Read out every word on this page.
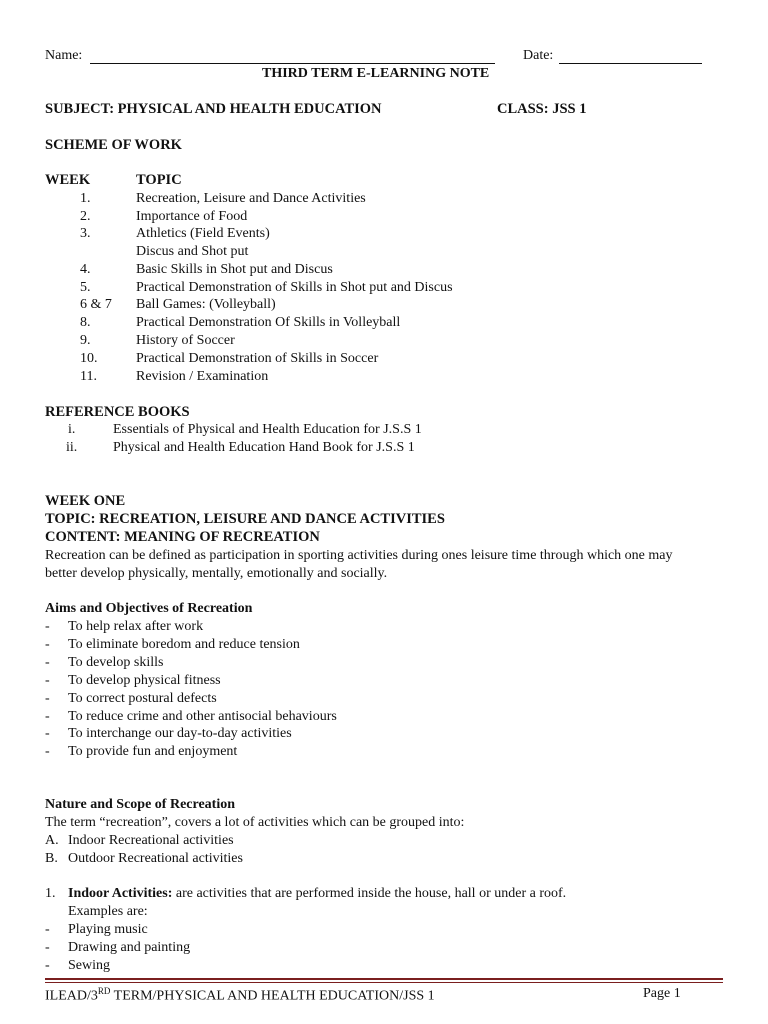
Name:	Date:
THIRD TERM E-LEARNING NOTE
SUBJECT: PHYSICAL AND HEALTH EDUCATION	CLASS: JSS 1
SCHEME OF WORK
WEEK	TOPIC
1.	Recreation, Leisure and Dance Activities
2.	Importance of Food
3.	Athletics (Field Events)
Discus and Shot put
4.	Basic Skills in Shot put and Discus
5.	Practical Demonstration of Skills in Shot put and Discus
6 & 7 Ball Games: (Volleyball)
8.	Practical Demonstration Of Skills in Volleyball
9.	History of Soccer
10.	Practical Demonstration of Skills in Soccer
11.	Revision / Examination
REFERENCE BOOKS
i.	Essentials of Physical and Health Education for J.S.S 1
ii.	Physical and Health Education Hand Book for J.S.S 1
WEEK ONE
TOPIC: RECREATION, LEISURE AND DANCE ACTIVITIES
CONTENT: MEANING OF RECREATION
Recreation can be defined as participation in sporting activities during ones leisure time through which one may
better develop physically, mentally, emotionally and socially.
Aims and Objectives of Recreation
- To help relax after work
- To eliminate boredom and reduce tension
- To develop skills
- To develop physical fitness
- To correct postural defects
- To reduce crime and other antisocial behaviours
- To interchange our day-to-day activities
- To provide fun and enjoyment
Nature and Scope of Recreation
The term “recreation”, covers a lot of activities which can be grouped into:
A. Indoor Recreational activities
B. Outdoor Recreational activities
1. Indoor Activities: are activities that are performed inside the house, hall or under a roof.
Examples are:
- Playing music
- Drawing and painting
- Sewing
ILEAD/3RD TERM/PHYSICAL AND HEALTH EDUCATION/JSS 1	Page 1
